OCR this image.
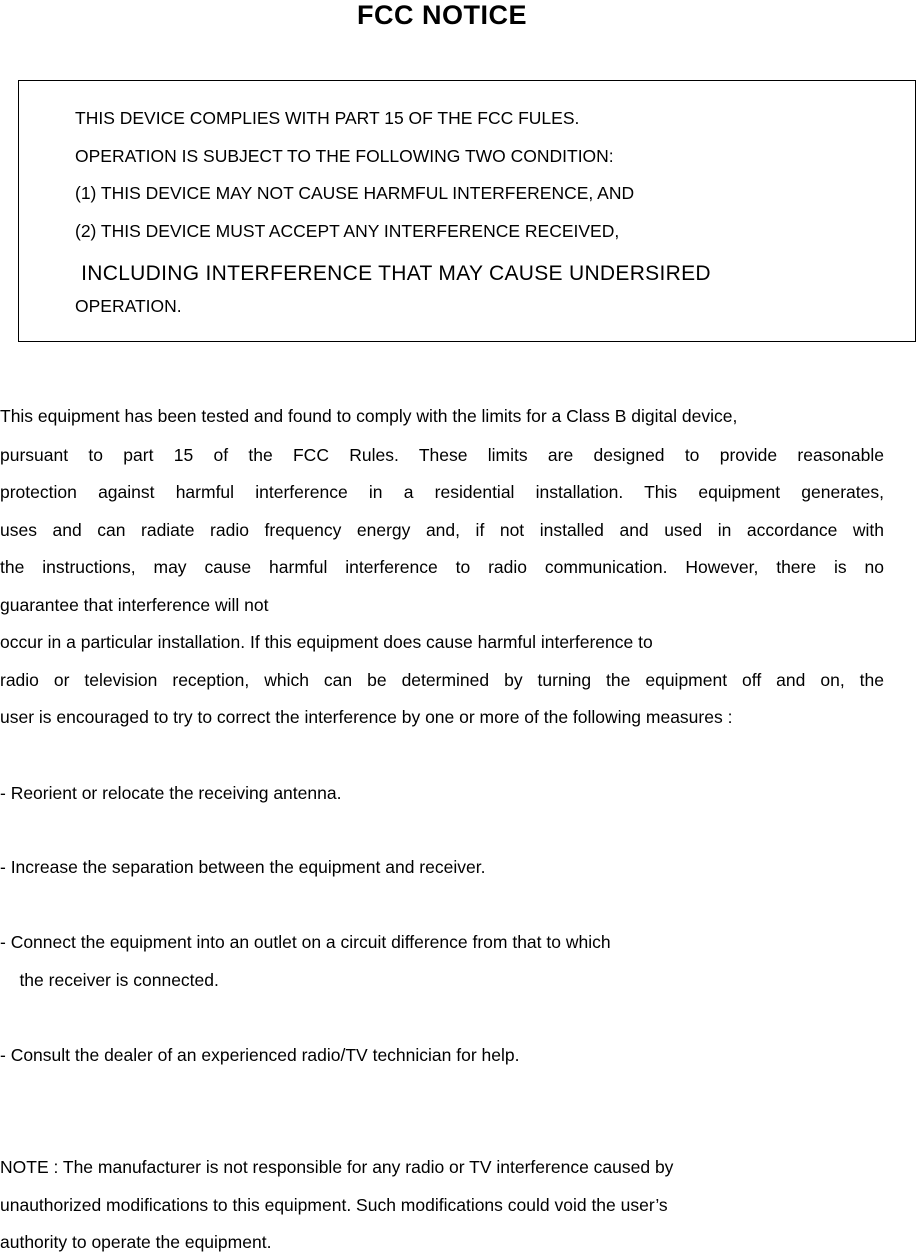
FCC NOTICE
THIS DEVICE COMPLIES WITH PART 15 OF THE FCC FULES.
OPERATION IS SUBJECT TO THE FOLLOWING TWO CONDITION:
(1) THIS DEVICE MAY NOT CAUSE HARMFUL INTERFERENCE, AND
(2) THIS DEVICE MUST ACCEPT ANY INTERFERENCE RECEIVED,
INCLUDING INTERFERENCE THAT MAY CAUSE UNDERSIRED
OPERATION.
This equipment has been tested and found to comply with the limits for a Class B digital device,
pursuant to part 15 of the FCC Rules. These limits are designed to provide reasonable
protection against harmful interference in a residential installation. This equipment generates,
uses and can radiate radio frequency energy and, if not installed and used in accordance with
the instructions, may cause harmful interference to radio communication. However, there is no
guarantee that interference will not
occur in a particular installation. If this equipment does cause harmful interference to
radio or television reception, which can be determined by turning the equipment off and on, the
user is encouraged to try to correct the interference by one or more of the following measures :
- Reorient or relocate the receiving antenna.
- Increase the separation between the equipment and receiver.
- Connect the equipment into an outlet on a circuit difference from that to which
the receiver is connected.
- Consult the dealer of an experienced radio/TV technician for help.
NOTE : The manufacturer is not responsible for any radio or TV interference caused by
unauthorized modifications to this equipment. Such modifications could void the user’s
authority to operate the equipment.
